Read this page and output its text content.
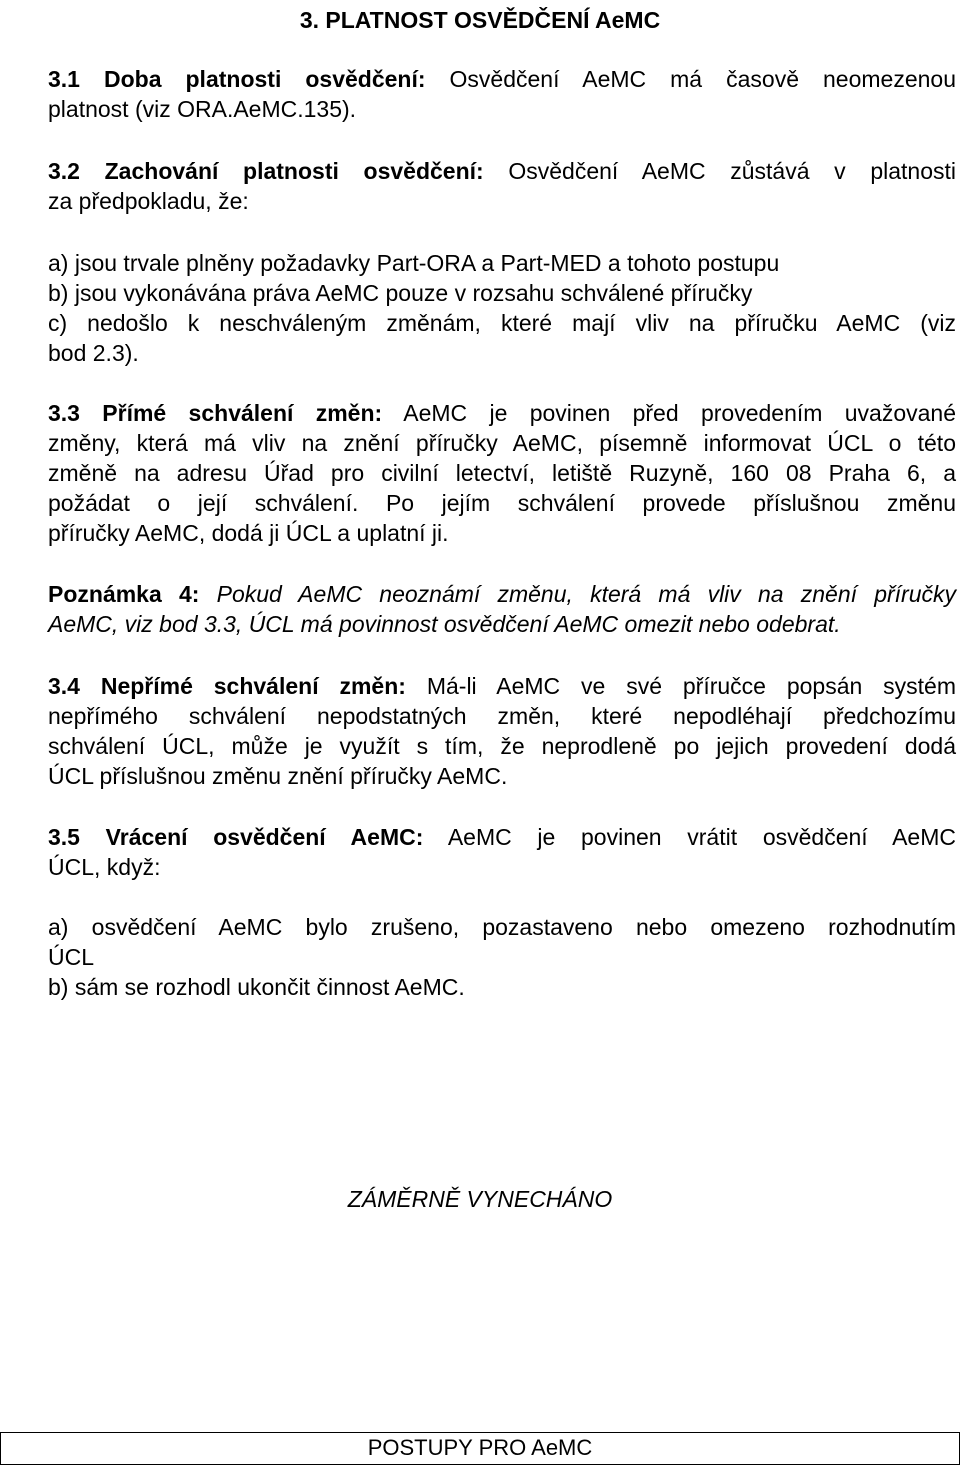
3. PLATNOST OSVĚDČENÍ AeMC
3.1 Doba platnosti osvědčení: Osvědčení AeMC má časově neomezenou
platnost (viz ORA.AeMC.135).
3.2 Zachování platnosti osvědčení: Osvědčení AeMC zůstává v platnosti
za předpokladu, že:
a) jsou trvale plněny požadavky Part-ORA a Part-MED a tohoto postupu
b) jsou vykonávána práva AeMC pouze v rozsahu schválené příručky
c) nedošlo k neschváleným změnám, které mají vliv na příručku AeMC (viz
bod 2.3).
3.3 Přímé schválení změn: AeMC je povinen před provedením uvažované
změny, která má vliv na znění příručky AeMC, písemně informovat ÚCL o této
změně na adresu Úřad pro civilní letectví, letiště Ruzyně, 160 08 Praha 6, a
požádat o její schválení. Po jejím schválení provede příslušnou změnu
příručky AeMC, dodá ji ÚCL a uplatní ji.
Poznámka 4: Pokud AeMC neoznámí změnu, která má vliv na znění příručky
AeMC, viz bod 3.3, ÚCL má povinnost osvědčení AeMC omezit nebo odebrat.
3.4 Nepřímé schválení změn: Má-li AeMC ve své příručce popsán systém
nepřímého schválení nepodstatných změn, které nepodléhají předchozímu
schválení ÚCL, může je využít s tím, že neprodleně po jejich provedení dodá
ÚCL příslušnou změnu znění příručky AeMC.
3.5 Vrácení osvědčení AeMC: AeMC je povinen vrátit osvědčení AeMC
ÚCL, když:
a) osvědčení AeMC bylo zrušeno, pozastaveno nebo omezeno rozhodnutím
ÚCL
b) sám se rozhodl ukončit činnost AeMC.
ZÁMĚRNĚ VYNECHÁNO
POSTUPY PRO AeMC
